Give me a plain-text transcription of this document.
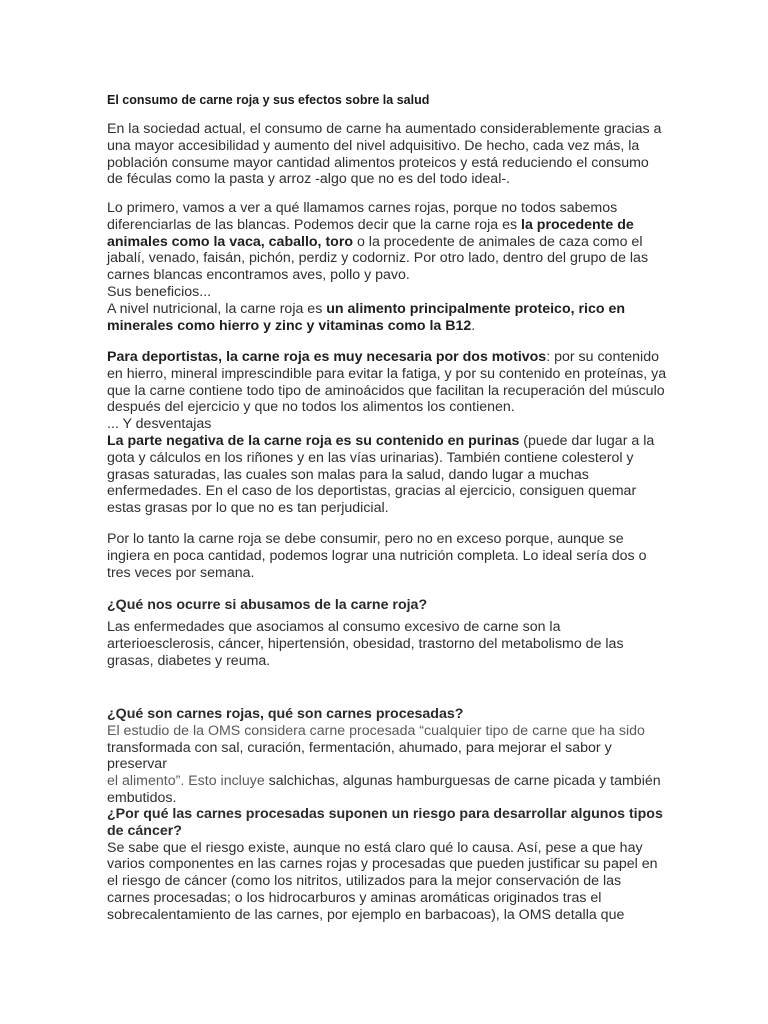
El consumo de carne roja y sus efectos sobre la salud

En la sociedad actual, el consumo de carne ha aumentado considerablemente gracias a una mayor accesibilidad y aumento del nivel adquisitivo. De hecho, cada vez más, la población consume mayor cantidad alimentos proteicos y está reduciendo el consumo de féculas como la pasta y arroz -algo que no es del todo ideal-.

Lo primero, vamos a ver a qué llamamos carnes rojas, porque no todos sabemos diferenciarlas de las blancas. Podemos decir que la carne roja es la procedente de animales como la vaca, caballo, toro o la procedente de animales de caza como el jabalí, venado, faisán, pichón, perdiz y codorniz. Por otro lado, dentro del grupo de las carnes blancas encontramos aves, pollo y pavo.

Sus beneficios...

A nivel nutricional, la carne roja es un alimento principalmente proteico, rico en minerales como hierro y zinc y vitaminas como la B12.

Para deportistas, la carne roja es muy necesaria por dos motivos: por su contenido en hierro, mineral imprescindible para evitar la fatiga, y por su contenido en proteínas, ya que la carne contiene todo tipo de aminoácidos que facilitan la recuperación del músculo después del ejercicio y que no todos los alimentos los contienen.

... Y desventajas

La parte negativa de la carne roja es su contenido en purinas (puede dar lugar a la gota y cálculos en los riñones y en las vías urinarias). También contiene colesterol y grasas saturadas, las cuales son malas para la salud, dando lugar a muchas enfermedades. En el caso de los deportistas, gracias al ejercicio, consiguen quemar estas grasas por lo que no es tan perjudicial.

Por lo tanto la carne roja se debe consumir, pero no en exceso porque, aunque se ingiera en poca cantidad, podemos lograr una nutrición completa. Lo ideal sería dos o tres veces por semana.

¿Qué nos ocurre si abusamos de la carne roja?

Las enfermedades que asociamos al consumo excesivo de carne son la arterioesclerosis, cáncer, hipertensión, obesidad, trastorno del metabolismo de las grasas, diabetes y reuma.

¿Qué son carnes rojas, qué son carnes procesadas?

El estudio de la OMS considera carne procesada “cualquier tipo de carne que ha sido
transformada con sal, curación, fermentación, ahumado, para mejorar el sabor y preservar
el alimento”. Esto incluye salchichas, algunas hamburguesas de carne picada y también embutidos.

¿Por qué las carnes procesadas suponen un riesgo para desarrollar algunos tipos de cáncer?

Se sabe que el riesgo existe, aunque no está claro qué lo causa. Así, pese a que hay varios componentes en las carnes rojas y procesadas que pueden justificar su papel en el riesgo de cáncer (como los nitritos, utilizados para la mejor conservación de las carnes procesadas; o los hidrocarburos y aminas aromáticas originados tras el sobrecalentamiento de las carnes, por ejemplo en barbacoas), la OMS detalla que
